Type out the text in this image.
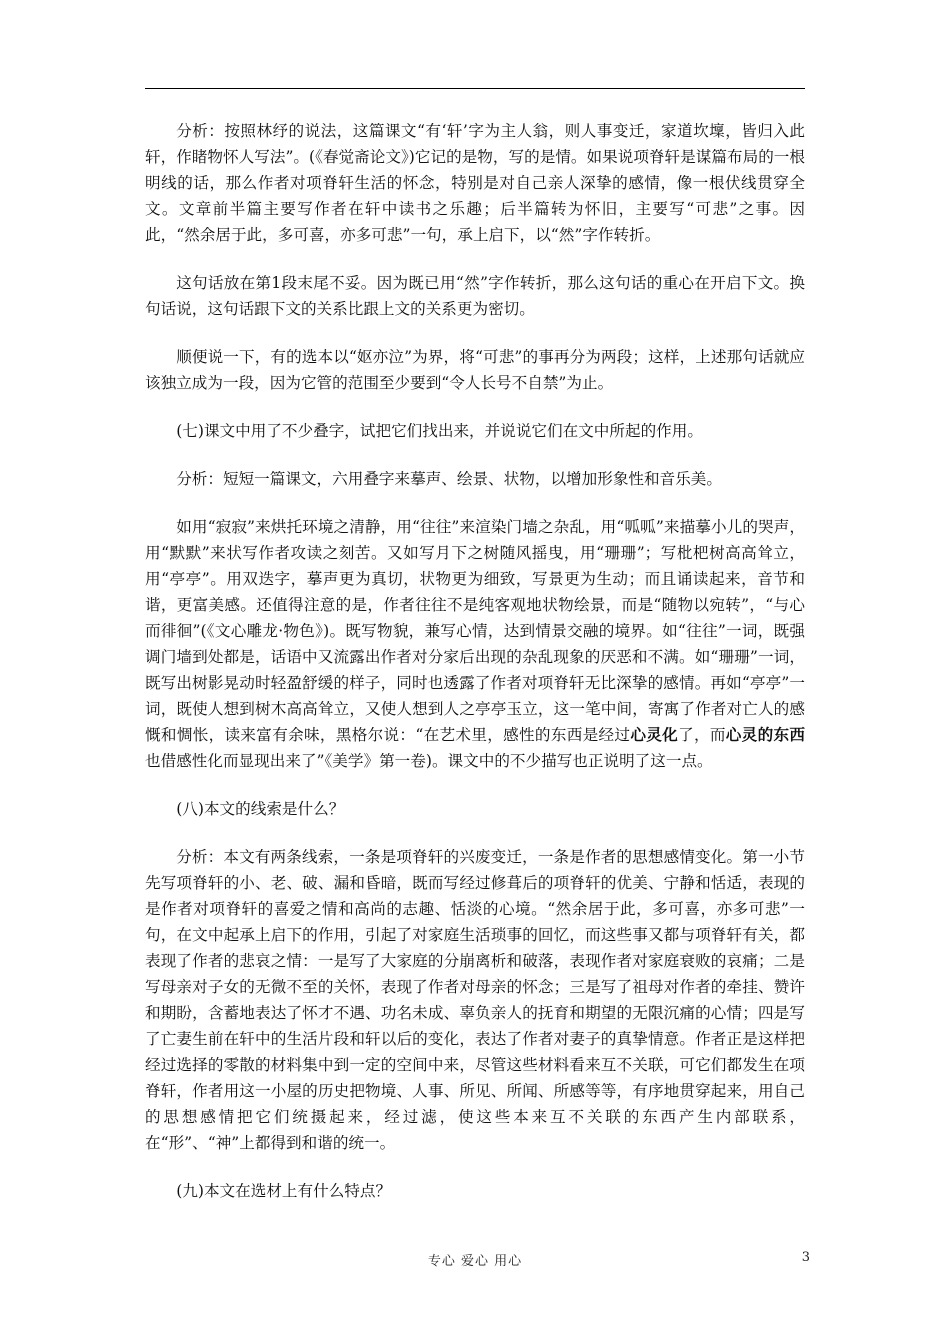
分析：按照林纾的说法，这篇课文“有‘轩’字为主人翁，则人事变迁，家道坎壈，皆归入此轩，作睹物怀人写法”。(《春觉斋论文》)它记的是物，写的是情。如果说项脊轩是谋篇布局的一根明线的话，那么作者对项脊轩生活的怀念，特别是对自己亲人深挚的感情，像一根伏线贯穿全文。文章前半篇主要写作者在轩中读书之乐趣；后半篇转为怀旧，主要写“可悲”之事。因此，“然余居于此，多可喜，亦多可悲”一句，承上启下，以“然”字作转折。

这句话放在第1段末尾不妥。因为既已用“然”字作转折，那么这句话的重心在开启下文。换句话说，这句话跟下文的关系比跟上文的关系更为密切。

顺便说一下，有的选本以“妪亦泣”为界，将“可悲”的事再分为两段；这样，上述那句话就应该独立成为一段，因为它管的范围至少要到“令人长号不自禁”为止。

(七)课文中用了不少叠字，试把它们找出来，并说说它们在文中所起的作用。

分析：短短一篇课文，六用叠字来摹声、绘景、状物，以增加形象性和音乐美。

如用“寂寂”来烘托环境之清静，用“往往”来渲染门墙之杂乱，用“呱呱”来描摹小儿的哭声，用“默默”来状写作者攻读之刻苦。又如写月下之树随风摇曳，用“珊珊”；写枇杷树高高耸立，用“亭亭”。用双迭字，摹声更为真切，状物更为细致，写景更为生动；而且诵读起来，音节和谐，更富美感。还值得注意的是，作者往往不是纯客观地状物绘景，而是“随物以宛转”，“与心而徘徊”(《文心雕龙·物色》)。既写物貌，兼写心情，达到情景交融的境界。如“往往”一词，既强调门墙到处都是，话语中又流露出作者对分家后出现的杂乱现象的厌恶和不满。如“珊珊”一词，既写出树影晃动时轻盈舒缓的样子，同时也透露了作者对项脊轩无比深挚的感情。再如“亭亭”一词，既使人想到树木高高耸立，又使人想到人之亭亭玉立，这一笔中间，寄寓了作者对亡人的感慨和惆怅，读来富有余味，黑格尔说：“在艺术里，感性的东西是经过心灵化了，而心灵的东西也借感性化而显现出来了”《美学》第一卷)。课文中的不少描写也正说明了这一点。

(八)本文的线索是什么？

分析：本文有两条线索，一条是项脊轩的兴废变迁，一条是作者的思想感情变化。第一小节先写项脊轩的小、老、破、漏和昏暗，既而写经过修葺后的项脊轩的优美、宁静和恬适，表现的是作者对项脊轩的喜爱之情和高尚的志趣、恬淡的心境。“然余居于此，多可喜，亦多可悲”一句，在文中起承上启下的作用，引起了对家庭生活琐事的回忆，而这些事又都与项脊轩有关，都表现了作者的悲哀之情：一是写了大家庭的分崩离析和破落，表现作者对家庭衰败的哀痛；二是写母亲对子女的无微不至的关怀，表现了作者对母亲的怀念；三是写了祖母对作者的牵挂、赞许和期盼，含蓄地表达了怀才不遇、功名未成、辜负亲人的抚育和期望的无限沉痛的心情；四是写了亡妻生前在轩中的生活片段和轩以后的变化，表达了作者对妻子的真挚情意。作者正是这样把经过选择的零散的材料集中到一定的空间中来，尽管这些材料看来互不关联，可它们都发生在项脊轩，作者用这一小屋的历史把物境、人事、所见、所闻、所感等等，有序地贯穿起来，用自己的思想感情把它们统摄起来，经过滤，使这些本来互不关联的东西产生内部联系，在“形”、“神”上都得到和谐的统一。

(九)本文在选材上有什么特点？

专心 爱心 用心	3
